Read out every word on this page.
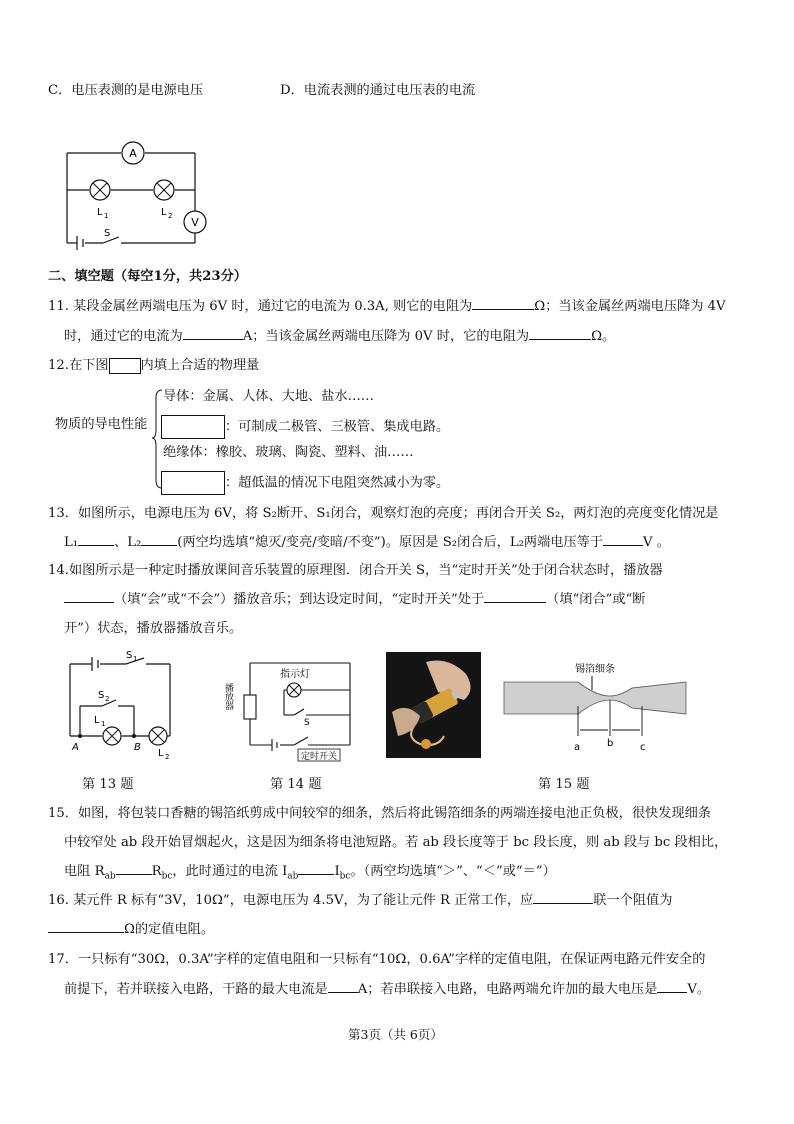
C．电压表测的是电源电压	D．电流表测的通过电压表的电流
A
L 1	L 2 V
S
二、填空题（每空1分，共23分）
11. 某段金属丝两端电压为 6V 时，通过它的电流为 0.3A, 则它的电阻为	Ω；当该金属丝两端电压降为 4V
时，通过它的电流为	A；当该金属丝两端电压降为 0V 时，它的电阻为	Ω。
12.在下图 内填上合适的物理量
物质的导电性能
导体：金属、人体、大地、盐水……
：可制成二极管、三极管、集成电路。
绝缘体：橡胶、玻璃、陶瓷、塑料、油……
：超低温的情况下电阻突然减小为零。
13．如图所示，电源电压为 6V，将 S₂断开、S₁闭合，观察灯泡的亮度；再闭合开关 S₂，两灯泡的亮度变化情况是
L₁	、L₂	(两空均选填“熄灭/变亮/变暗/不变”)。原因是 S₂闭合后，L₂两端电压等于	V 。
14.如图所示是一种定时播放课间音乐装置的原理图．闭合开关 S，当“定时开关”处于闭合状态时，播放器
（填“会”或“不会”）播放音乐；到达设定时间，“定时开关”处于	（填“闭合”或“断
开”）状态，播放器播放音乐。
S 1
S 2
L 1
L 2
A	B
第 13 题
指示灯
播放器
S
定时开关
第 14 题
锡箔细条
a	b	c
第 15 题
15．如图，将包装口香糖的锡箔纸剪成中间较窄的细条，然后将此锡箔细条的两端连接电池正负极，很快发现细条
中较窄处 ab 段开始冒烟起火，这是因为细条将电池短路。若 ab 段长度等于 bc 段长度，则 ab 段与 bc 段相比，
电阻 $R_{ab}$	$R_{bc}$，此时通过的电流 $I_{ab}$	$I_{bc}$。（两空均选填“＞”、“＜”或“＝”）
16. 某元件 R 标有“3V，10Ω”，电源电压为 4.5V，为了能让元件 R 正常工作，应	联一个阻值为
Ω的定值电阻。
17．一只标有“30Ω，0.3A”字样的定值电阻和一只标有“10Ω，0.6A”字样的定值电阻，在保证两电路元件安全的
前提下，若并联接入电路，干路的最大电流是 A；若串联接入电路，电路两端允许加的最大电压是 V。
第3页（共 6页）
